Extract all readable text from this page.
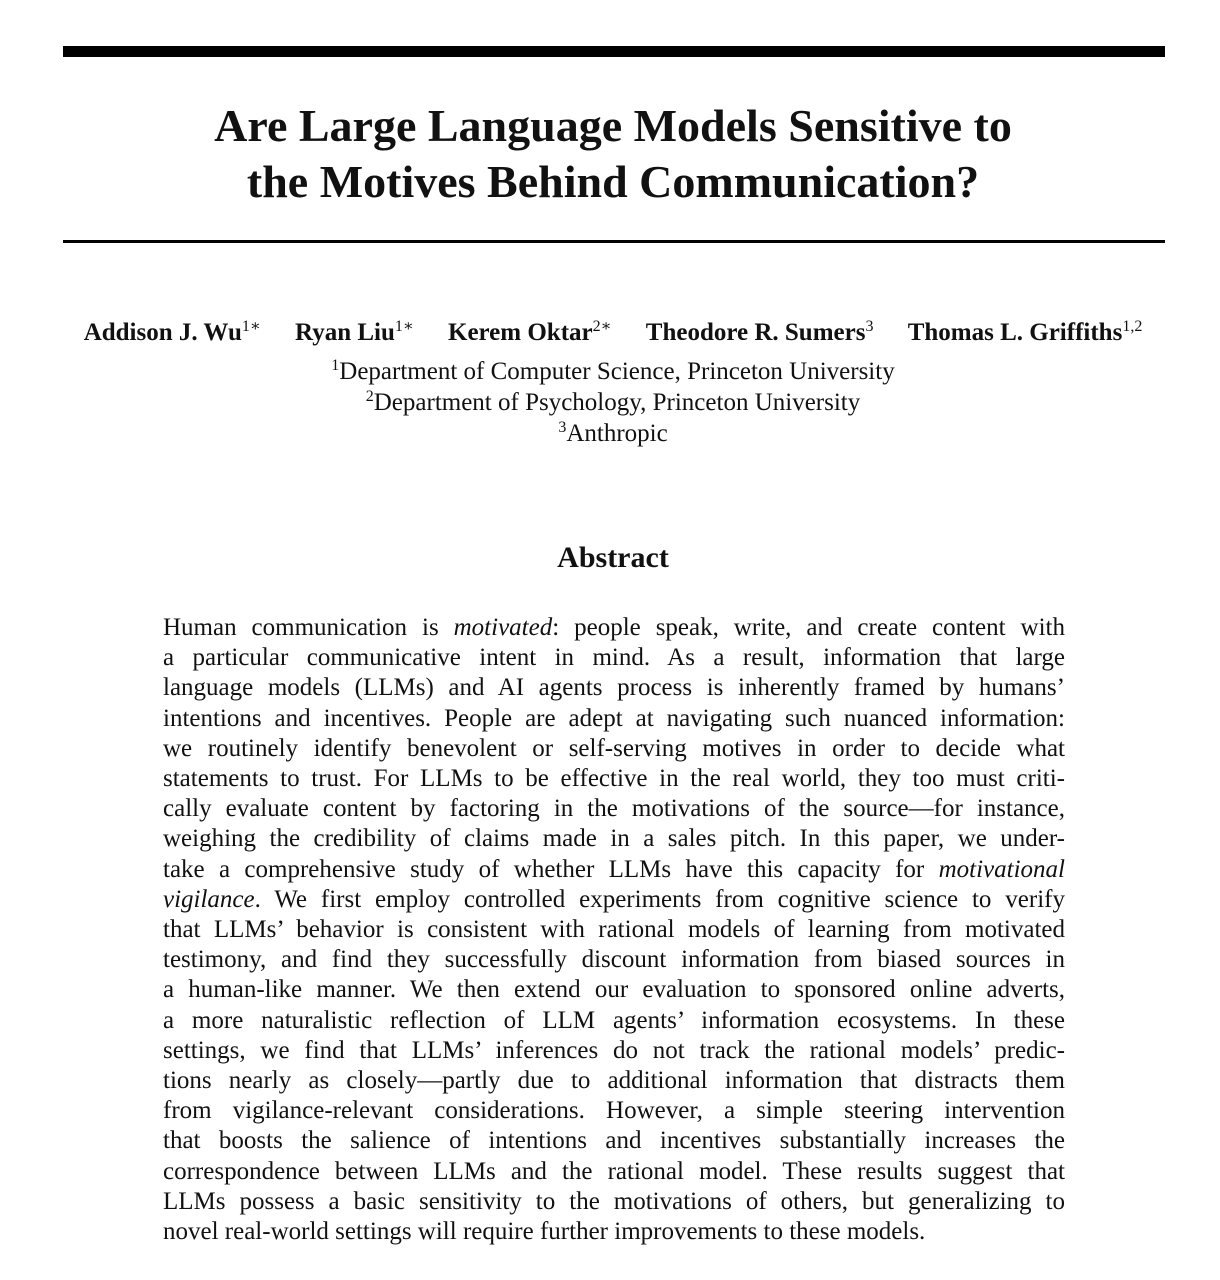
Are Large Language Models Sensitive to
the Motives Behind Communication?
Addison J. $Wu^{1∗}$ Ryan Liu$^{1∗}$ Kerem Oktar$^{2∗}$ Theodore R. Sumers$^3$ Thomas L. Griffiths$^{1,2}$
$^1$Department of Computer Science, Princeton University
$^2$Department of Psychology, Princeton University
$^3$Anthropic
Abstract
Human communication is motivated: people speak, write, and create content with
a particular communicative intent in mind. As a result, information that large
language models (LLMs) and AI agents process is inherently framed by humans’
intentions and incentives. People are adept at navigating such nuanced information:
we routinely identify benevolent or self-serving motives in order to decide what
statements to trust. For LLMs to be effective in the real world, they too must criti-
cally evaluate content by factoring in the motivations of the source—for instance,
weighing the credibility of claims made in a sales pitch. In this paper, we under-
take a comprehensive study of whether LLMs have this capacity for motivational
vigilance. We first employ controlled experiments from cognitive science to verify
that LLMs’ behavior is consistent with rational models of learning from motivated
testimony, and find they successfully discount information from biased sources in
a human-like manner. We then extend our evaluation to sponsored online adverts,
a more naturalistic reflection of LLM agents’ information ecosystems. In these
settings, we find that LLMs’ inferences do not track the rational models’ predic-
tions nearly as closely—partly due to additional information that distracts them
from vigilance-relevant considerations. However, a simple steering intervention
that boosts the salience of intentions and incentives substantially increases the
correspondence between LLMs and the rational model. These results suggest that
LLMs possess a basic sensitivity to the motivations of others, but generalizing to
novel real-world settings will require further improvements to these models.
